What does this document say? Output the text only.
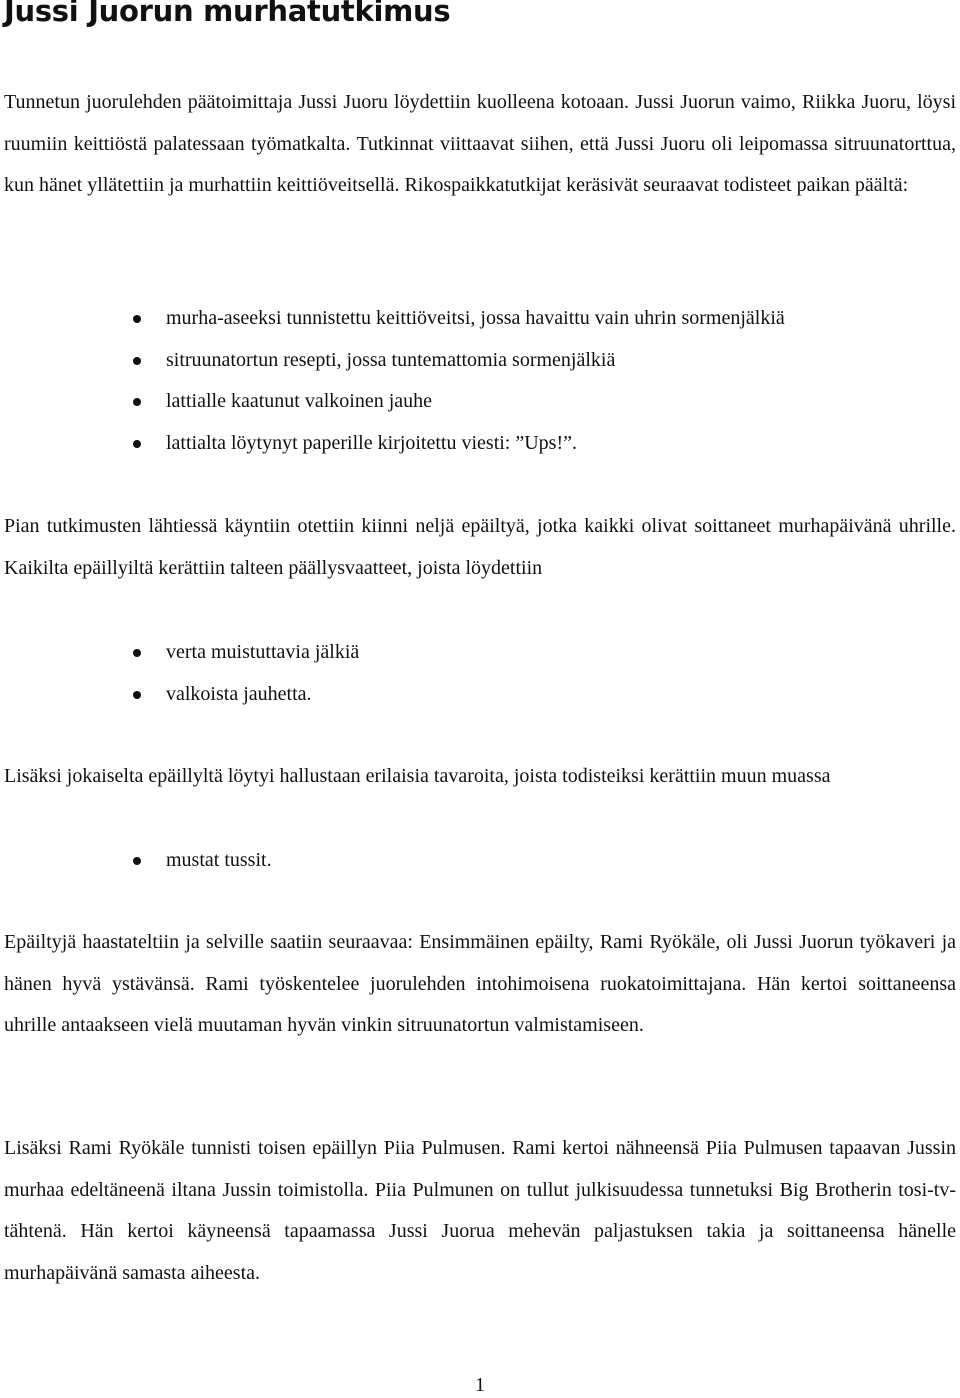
Jussi Juorun murhatutkimus

Tunnetun juorulehden päätoimittaja Jussi Juoru löydettiin kuolleena kotoaan. Jussi Juorun vaimo, Riikka Juoru, löysi ruumiin keittiöstä palatessaan työmatkalta. Tutkinnat viittaavat siihen, että Jussi Juoru oli leipomassa sitruunatorttua, kun hänet yllätettiin ja murhattiin keittiöveitsellä. Rikospaikkatutkijat keräsivät seuraavat todisteet paikan päältä:

murha-aseeksi tunnistettu keittiöveitsi, jossa havaittu vain uhrin sormenjälkiä
sitruunatortun resepti, jossa tuntemattomia sormenjälkiä
lattialle kaatunut valkoinen jauhe
lattialta löytynyt paperille kirjoitettu viesti: ”Ups!”.

Pian tutkimusten lähtiessä käyntiin otettiin kiinni neljä epäiltyä, jotka kaikki olivat soittaneet murhapäivänä uhrille. Kaikilta epäillyiltä kerättiin talteen päällysvaatteet, joista löydettiin

verta muistuttavia jälkiä
valkoista jauhetta.

Lisäksi jokaiselta epäillyltä löytyi hallustaan erilaisia tavaroita, joista todisteiksi kerättiin muun muassa

mustat tussit.

Epäiltyjä haastateltiin ja selville saatiin seuraavaa: Ensimmäinen epäilty, Rami Ryökäle, oli Jussi Juorun työkaveri ja hänen hyvä ystävänsä. Rami työskentelee juorulehden intohimoisena ruokatoimittajana. Hän kertoi soittaneensa uhrille antaakseen vielä muutaman hyvän vinkin sitruunatortun valmistamiseen.

Lisäksi Rami Ryökäle tunnisti toisen epäillyn Piia Pulmusen. Rami kertoi nähneensä Piia Pulmusen tapaavan Jussin murhaa edeltäneenä iltana Jussin toimistolla. Piia Pulmunen on tullut julkisuudessa tunnetuksi Big Brotherin tosi-tv-tähtenä. Hän kertoi käyneensä tapaamassa Jussi Juorua mehevän paljastuksen takia ja soittaneensa hänelle murhapäivänä samasta aiheesta.

1
